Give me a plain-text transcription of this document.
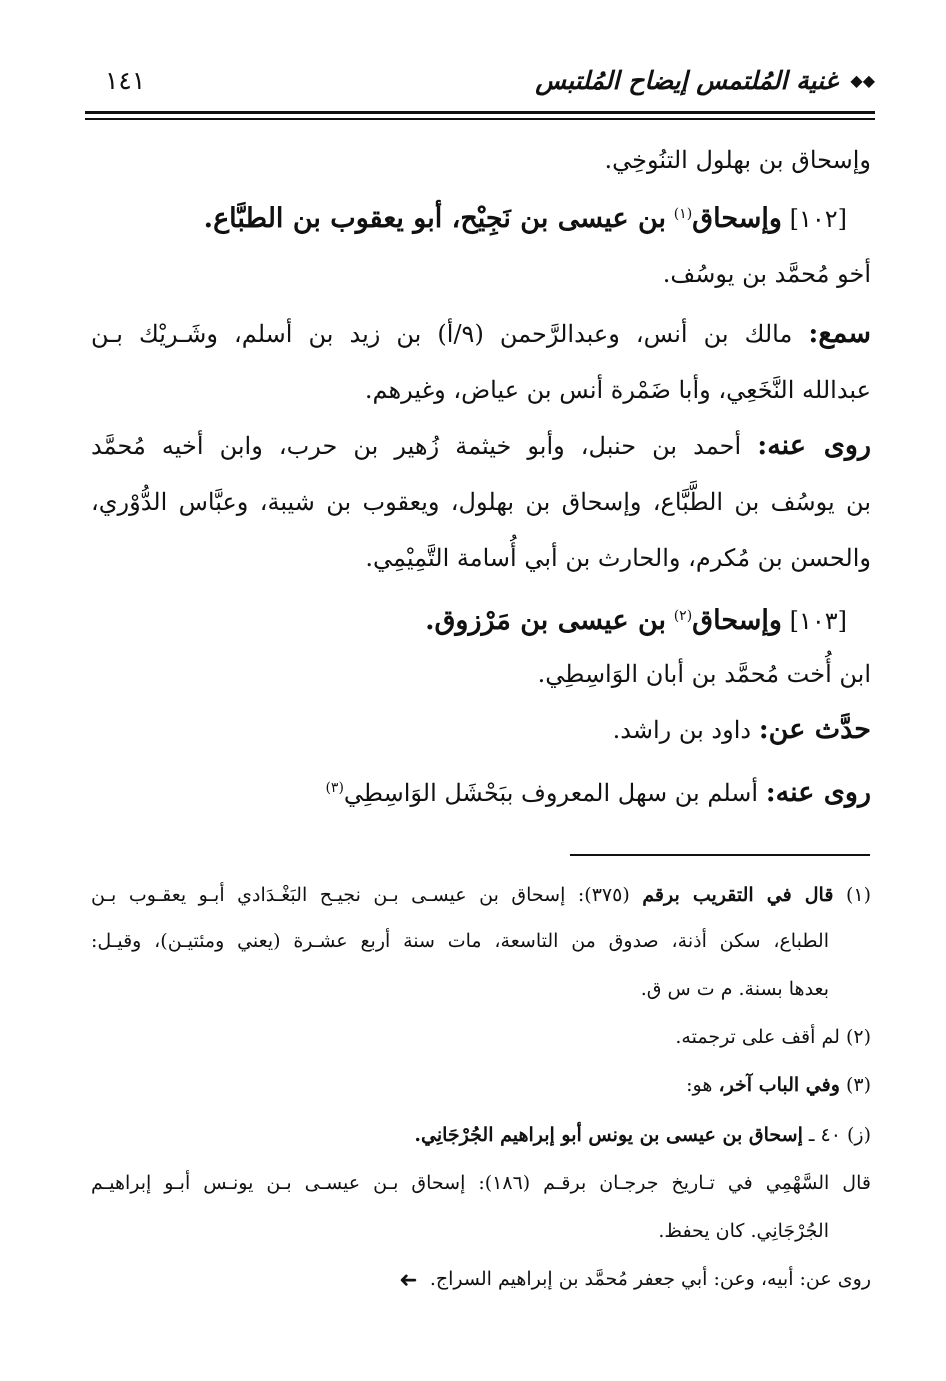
◆◆ غنية المُلتمس إيضاح المُلتبس
١٤١
وإسحاق بن بهلول التنُوخِي.
[١٠٢] وإسحاق$^{(١)}$ بن عيسى بن نَجِيْح، أبو يعقوب بن الطبَّاع.
أخو مُحمَّد بن يوسُف.
سمع: مالك بن أنس، وعبدالرَّحمن (٩/أ) بن زيد بن أسلم، وشَـريْك بـن
عبدالله النَّخَعِي، وأبا ضَمْرة أنس بن عياض، وغيرهم.
روى عنه: أحمد بن حنبل، وأبو خيثمة زُهير بن حرب، وابن أخيه مُحمَّد
بن يوسُف بن الطَّبَّاع، وإسحاق بن بهلول، ويعقوب بن شيبة، وعبَّاس الدُّوْري،
والحسن بن مُكرم، والحارث بن أبي أُسامة التَّمِيْمِي.
[١٠٣] وإسحاق$^{(٢)}$ بن عيسى بن مَرْزوق.
ابن أُخت مُحمَّد بن أبان الوَاسِطِي.
حدَّث عن: داود بن راشد.
روى عنه: أسلم بن سهل المعروف ببَحْشَل الوَاسِطِي$^{(٣)}$
(١) قال في التقريب برقم (٣٧٥): إسحاق بن عيسـى بـن نجيـح البَغْـدَادي أبـو يعقـوب بـن
الطباع، سكن أذنة، صدوق من التاسعة، مات سنة أربع عشـرة (يعني ومئتيـن)، وقيـل:
بعدها بسنة. م ت س ق.
(٢) لم أقف على ترجمته.
(٣) وفي الباب آخر، هو:
(ز) ٤٠ ـ إسحاق بن عيسى بن يونس أبو إبراهيم الجُرْجَانِي.
قال السَّهْمِي في تـاريخ جرجـان برقـم (١٨٦): إسحاق بـن عيسـى بـن يونـس أبـو إبراهيـم
الجُرْجَانِي. كان يحفظ.
روى عن: أبيه، وعن: أبي جعفر مُحمَّد بن إبراهيم السراج. ➜
